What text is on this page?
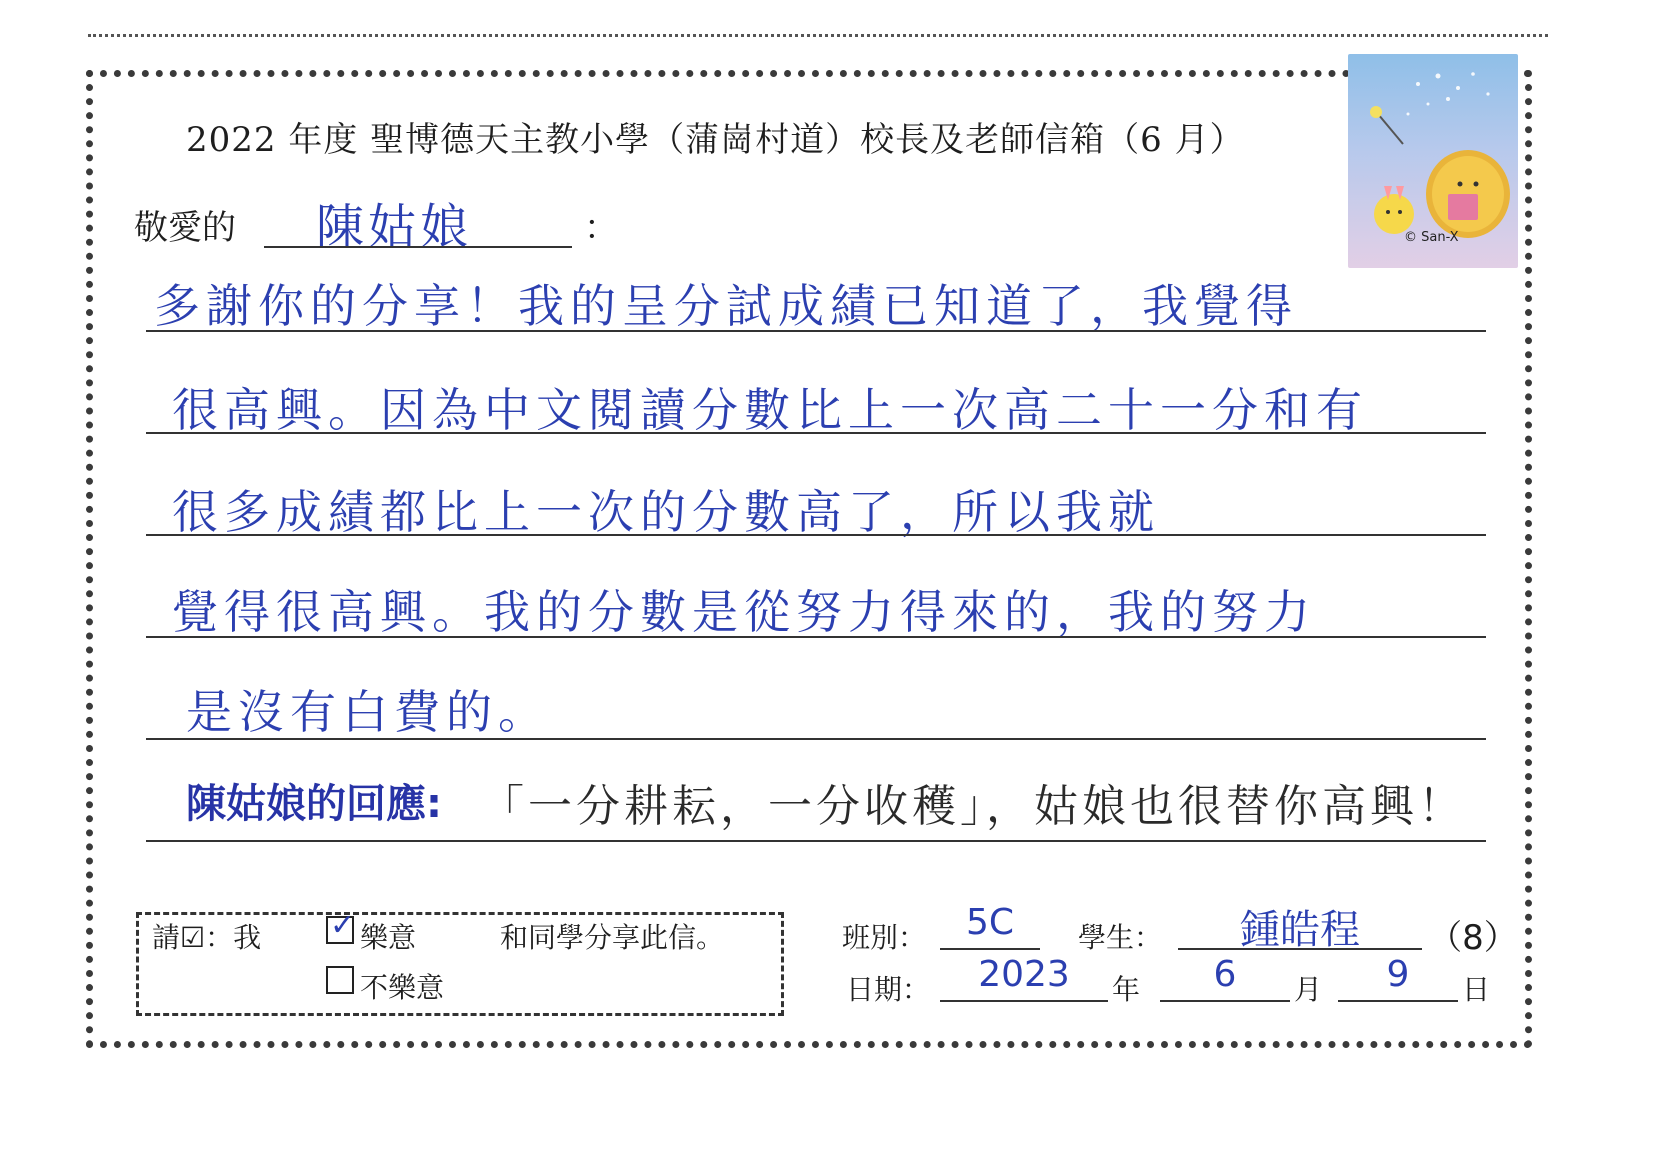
2022 年度 聖博德天主教小學（蒲崗村道）校長及老師信箱（6 月）
© San-X
敬愛的 陳姑娘	：
多謝你的分享！我的呈分試成績已知道了，我覺得
很高興。因為中文閱讀分數比上一次高二十一分和有
很多成績都比上一次的分數高了，所以我就
覺得很高興。我的分數是從努力得來的，我的努力
是沒有白費的。
陳姑娘的回應: 「一分耕耘，一分收穫」，姑娘也很替你高興！
請☑：我 ✓ 樂意	和同學分享此信。
不樂意
班別：	5C	學生：	鍾皓程	（8）
日期：	2023	年	6	月	9	日
